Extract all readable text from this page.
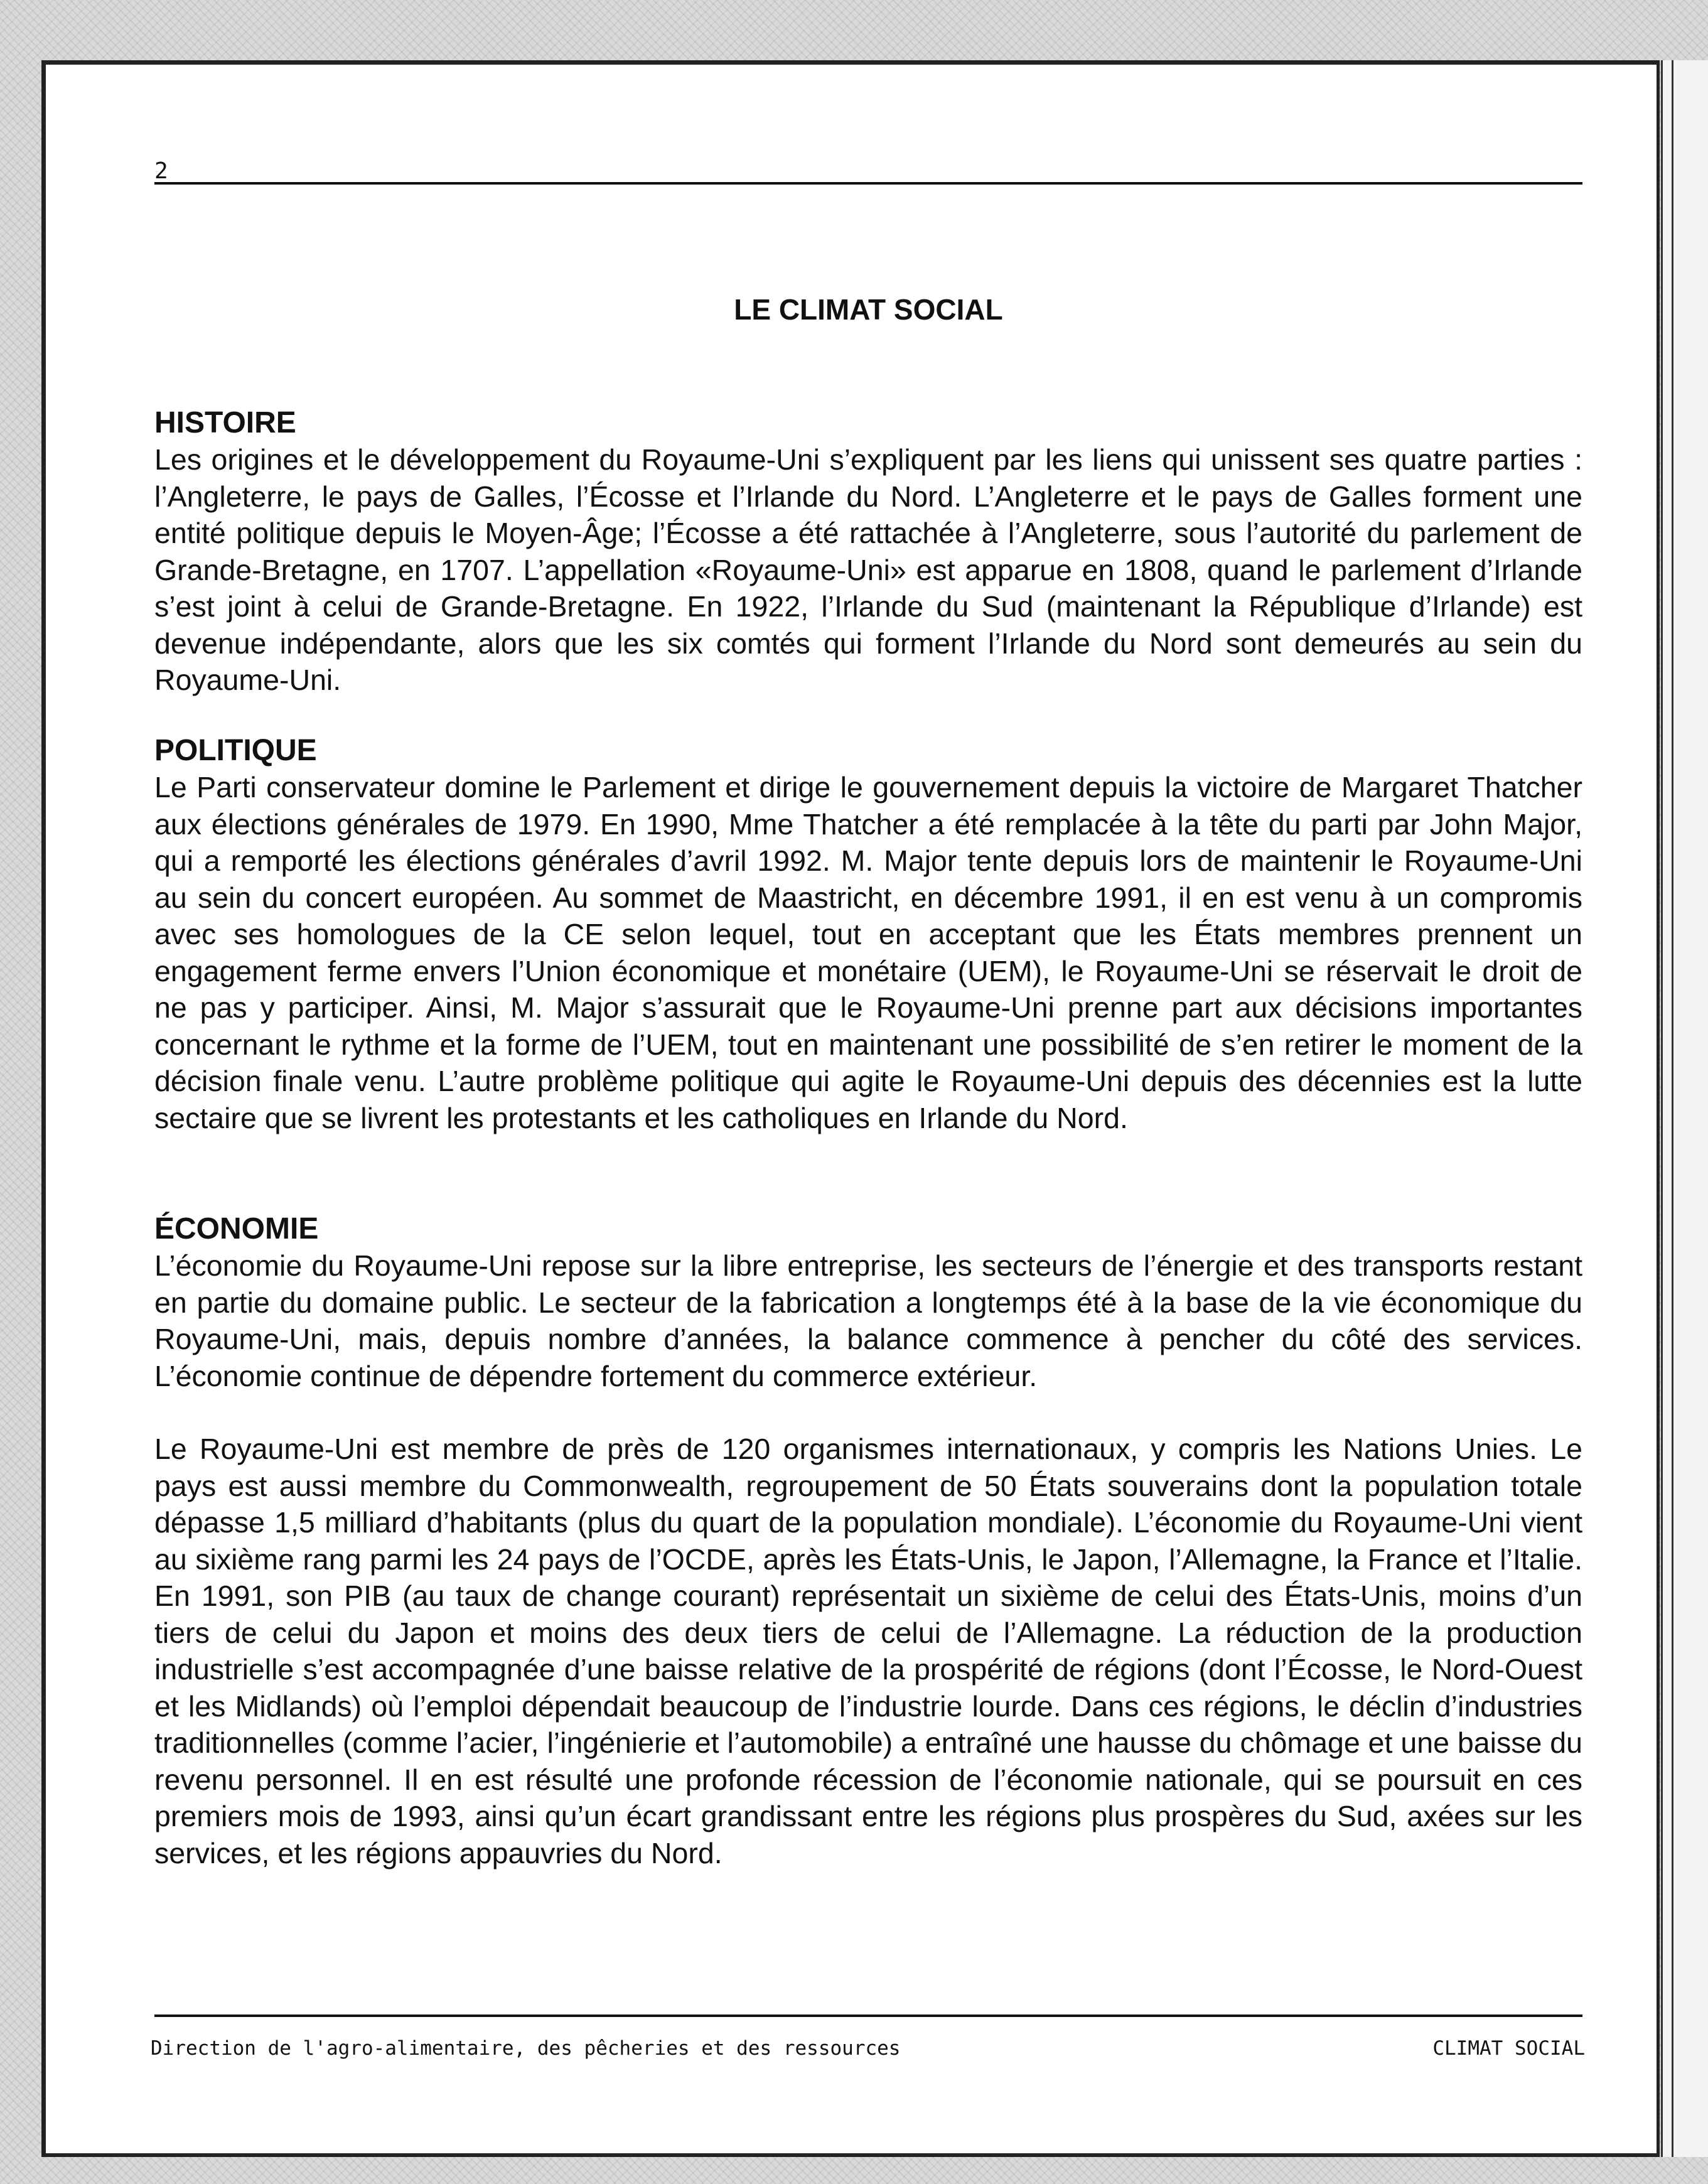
2
LE CLIMAT SOCIAL
HISTOIRE

Les origines et le développement du Royaume-Uni s’expliquent par les liens qui unissent ses quatre parties : l’Angleterre, le pays de Galles, l’Écosse et l’Irlande du Nord. L’Angleterre et le pays de Galles forment une entité politique depuis le Moyen-Âge; l’Écosse a été rattachée à l’Angleterre, sous l’autorité du parlement de Grande-Bretagne, en 1707. L’appellation «Royaume-Uni» est apparue en 1808, quand le parlement d’Irlande s’est joint à celui de Grande-Bretagne. En 1922, l’Irlande du Sud (maintenant la République d’Irlande) est devenue indépendante, alors que les six comtés qui forment l’Irlande du Nord sont demeurés au sein du Royaume-Uni.

POLITIQUE

Le Parti conservateur domine le Parlement et dirige le gouvernement depuis la victoire de Margaret Thatcher aux élections générales de 1979. En 1990, Mme Thatcher a été remplacée à la tête du parti par John Major, qui a remporté les élections générales d’avril 1992. M. Major tente depuis lors de maintenir le Royaume-Uni au sein du concert européen. Au sommet de Maastricht, en décembre 1991, il en est venu à un compromis avec ses homologues de la CE selon lequel, tout en acceptant que les États membres prennent un engagement ferme envers l’Union économique et monétaire (UEM), le Royaume-Uni se réservait le droit de ne pas y participer. Ainsi, M. Major s’assurait que le Royaume-Uni prenne part aux décisions importantes concernant le rythme et la forme de l’UEM, tout en maintenant une possibilité de s’en retirer le moment de la décision finale venu. L’autre problème politique qui agite le Royaume-Uni depuis des décennies est la lutte sectaire que se livrent les protestants et les catholiques en Irlande du Nord.

ÉCONOMIE

L’économie du Royaume-Uni repose sur la libre entreprise, les secteurs de l’énergie et des transports restant en partie du domaine public. Le secteur de la fabrication a longtemps été à la base de la vie économique du Royaume-Uni, mais, depuis nombre d’années, la balance commence à pencher du côté des services. L’économie continue de dépendre fortement du commerce extérieur.

Le Royaume-Uni est membre de près de 120 organismes internationaux, y compris les Nations Unies. Le pays est aussi membre du Commonwealth, regroupement de 50 États souverains dont la population totale dépasse 1,5 milliard d’habitants (plus du quart de la population mondiale). L’économie du Royaume-Uni vient au sixième rang parmi les 24 pays de l’OCDE, après les États-Unis, le Japon, l’Allemagne, la France et l’Italie. En 1991, son PIB (au taux de change courant) représentait un sixième de celui des États-Unis, moins d’un tiers de celui du Japon et moins des deux tiers de celui de l’Allemagne. La réduction de la production industrielle s’est accompagnée d’une baisse relative de la prospérité de régions (dont l’Écosse, le Nord-Ouest et les Midlands) où l’emploi dépendait beaucoup de l’industrie lourde. Dans ces régions, le déclin d’industries traditionnelles (comme l’acier, l’ingénierie et l’automobile) a entraîné une hausse du chômage et une baisse du revenu personnel. Il en est résulté une profonde récession de l’économie nationale, qui se poursuit en ces premiers mois de 1993, ainsi qu’un écart grandissant entre les régions plus prospères du Sud, axées sur les services, et les régions appauvries du Nord.

Direction de l'agro-alimentaire, des pêcheries et des ressources	CLIMAT SOCIAL
